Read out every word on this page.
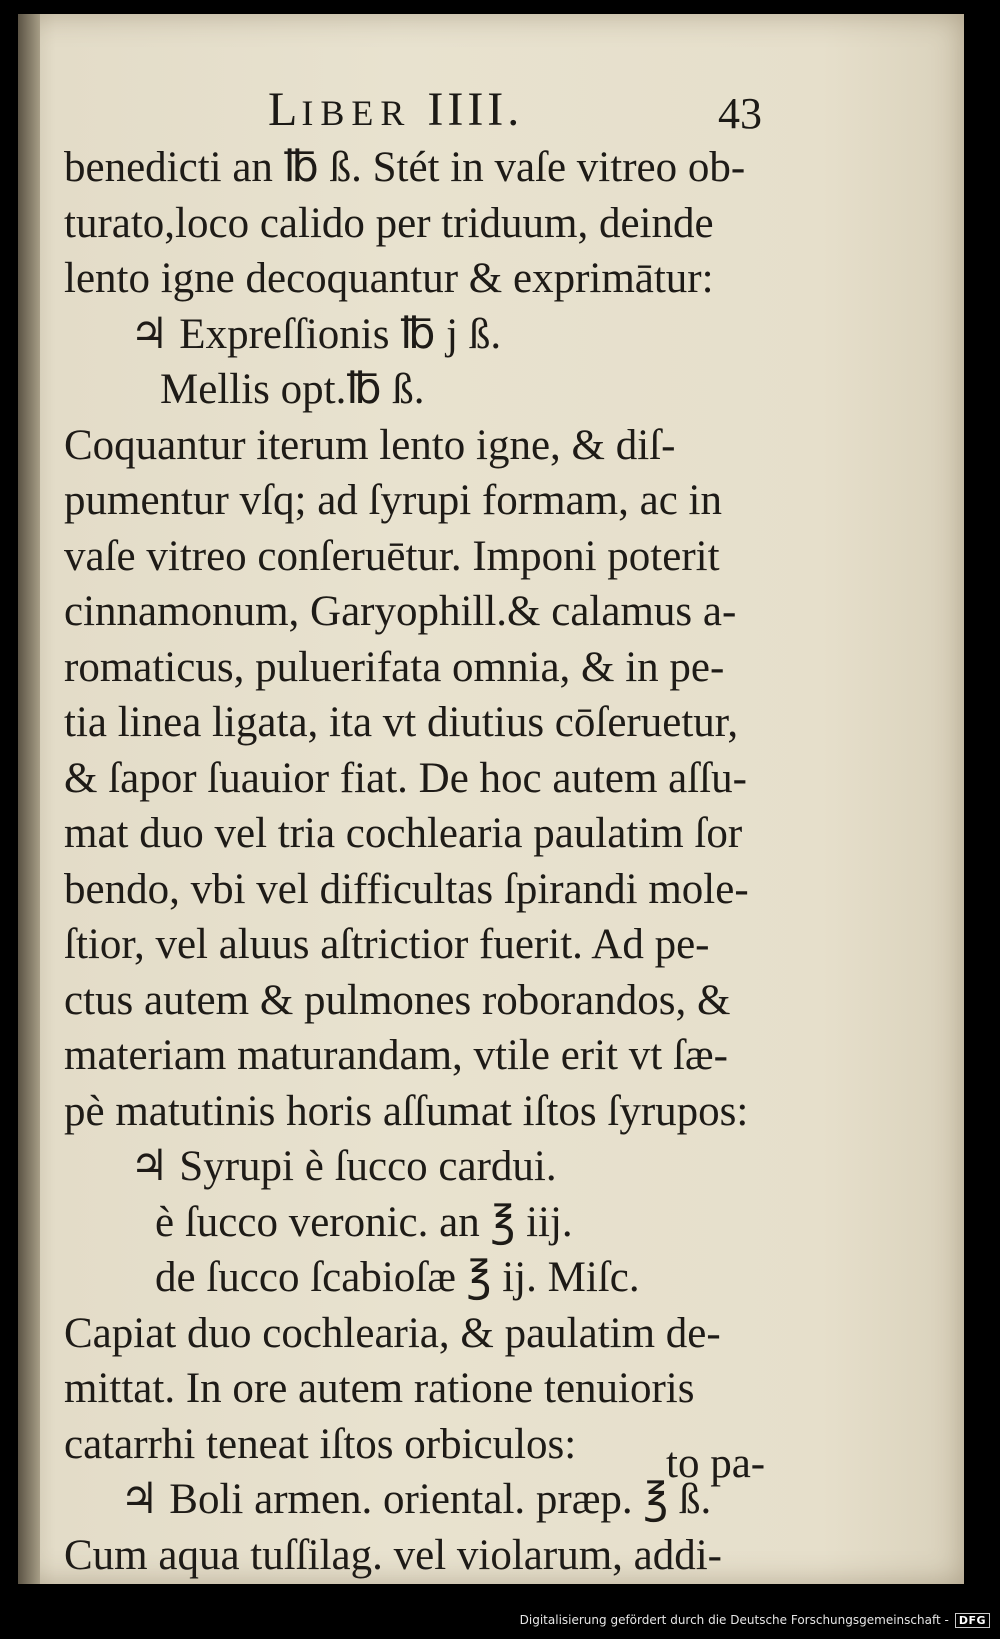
LIBER IIII.	43
benedicti an ℔ ß. Stét in vaſe vitreo ob-
turato,loco calido per triduum, deinde
lento igne decoquantur & exprimātur:
♃ Expreſſionis ℔ j ß.
Mellis opt.℔ ß.
Coquantur iterum lento igne, & diſ-
pumentur vſq; ad ſyrupi formam, ac in
vaſe vitreo conſeruētur. Imponi poterit
cinnamonum, Garyophill.& calamus a-
romaticus, puluerifata omnia, & in pe-
tia linea ligata, ita vt diutius cōſeruetur,
& ſapor ſuauior fiat. De hoc autem aſſu-
mat duo vel tria cochlearia paulatim ſor
bendo, vbi vel difficultas ſpirandi mole-
ſtior, vel aluus aſtrictior fuerit. Ad pe-
ctus autem & pulmones roborandos, &
materiam maturandam, vtile erit vt ſæ-
pè matutinis horis aſſumat iſtos ſyrupos:
♃ Syrupi è ſucco cardui.
è ſucco veronic. an ℥ iij.
de ſucco ſcabioſæ ℥ ij. Miſc.
Capiat duo cochlearia, & paulatim de-
mittat. In ore autem ratione tenuioris
catarrhi teneat iſtos orbiculos:
♃ Boli armen. oriental. præp. ℥ ß.
Cum aqua tuſſilag. vel violarum, addi-
to pa-
Digitalisierung gefördert durch die Deutsche Forschungsgemeinschaft - DFG
